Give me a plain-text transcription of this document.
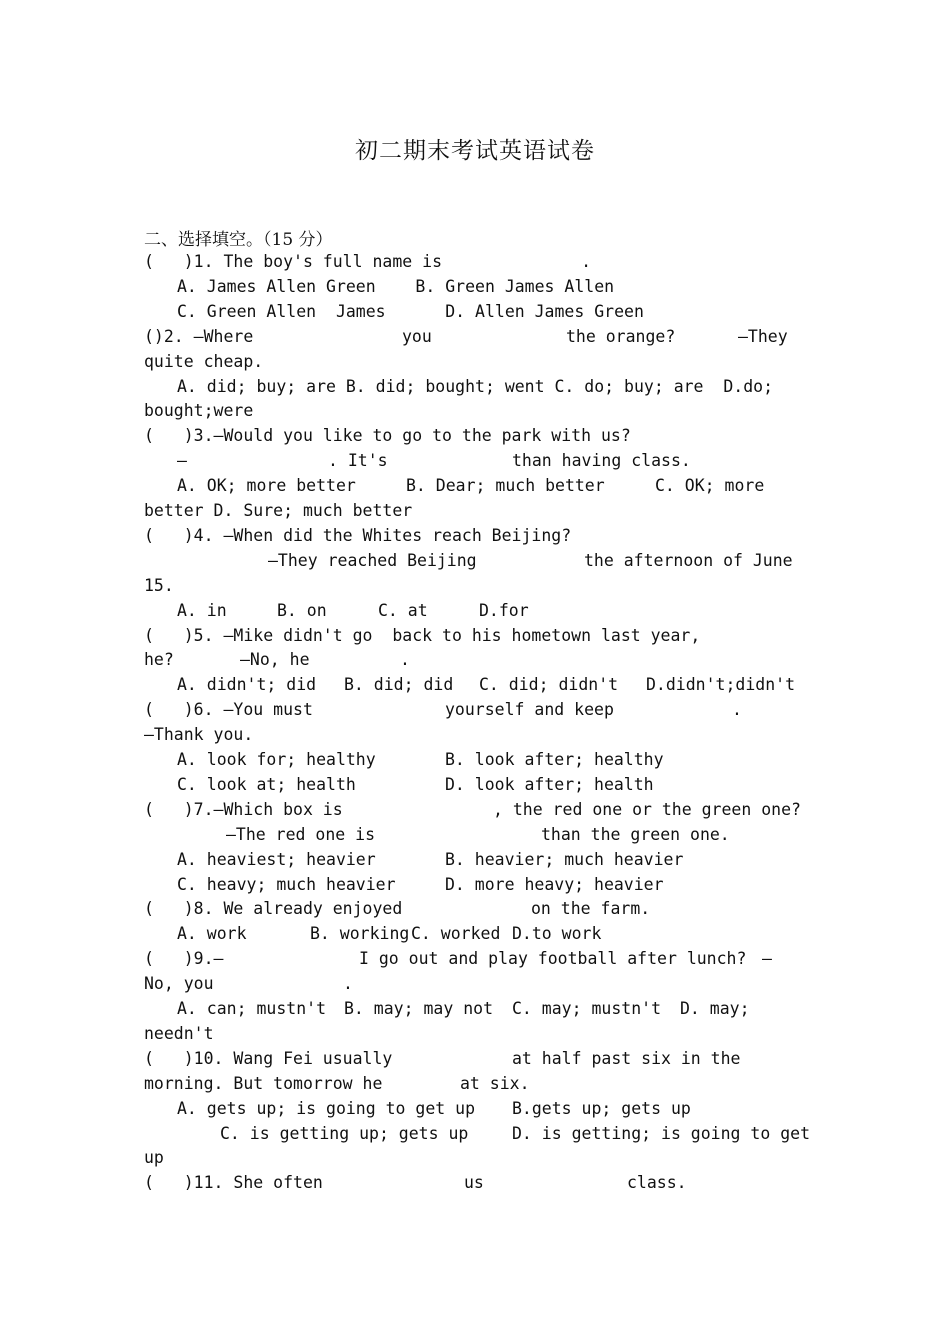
初二期末考试英语试卷
二、选择填空。（15 分）
(   )1. The boy's full name is              .
A. James Allen Green    B. Green James Allen
C. Green Allen  James      D. Allen James Green
()2. —Where	you	the orange?	—They
quite cheap.
A. did; buy; are B. did; bought; went C. do; buy; are  D.do;
bought;were
(   )3.—Would you like to go to the park with us?
—	. It's	than having class.
A. OK; more better	B. Dear; much better	C. OK; more
better D. Sure; much better
(   )4. —When did the Whites reach Beijing?
—They reached Beijing	the afternoon of June
15.
A. in	B. on	C. at	D.for
(   )5. —Mike didn't go  back to his hometown last year,
he?	—No, he	.
A. didn't; did B. did; did C. did; didn't D.didn't;didn't
(   )6. —You must	yourself and keep	.
—Thank you.
A. look for; healthy	B. look after; healthy
C. look at; health	D. look after; health
(   )7.—Which box is	, the red one or the green one?
—The red one is	than the green one.
A. heaviest; heavier	B. heavier; much heavier
C. heavy; much heavier	D. more heavy; heavier
(   )8. We already enjoyed	on the farm.
A. work	B. working C. worked D.to work
(   )9.—	I go out and play football after lunch? —
No, you	.
A. can; mustn't B. may; may not C. may; mustn't D. may;
needn't
(   )10. Wang Fei usually	at half past six in the
morning. But tomorrow he	at six.
A. gets up; is going to get up B.gets up; gets up
C. is getting up; gets up	D. is getting; is going to get
up
(   )11. She often	us	class.
